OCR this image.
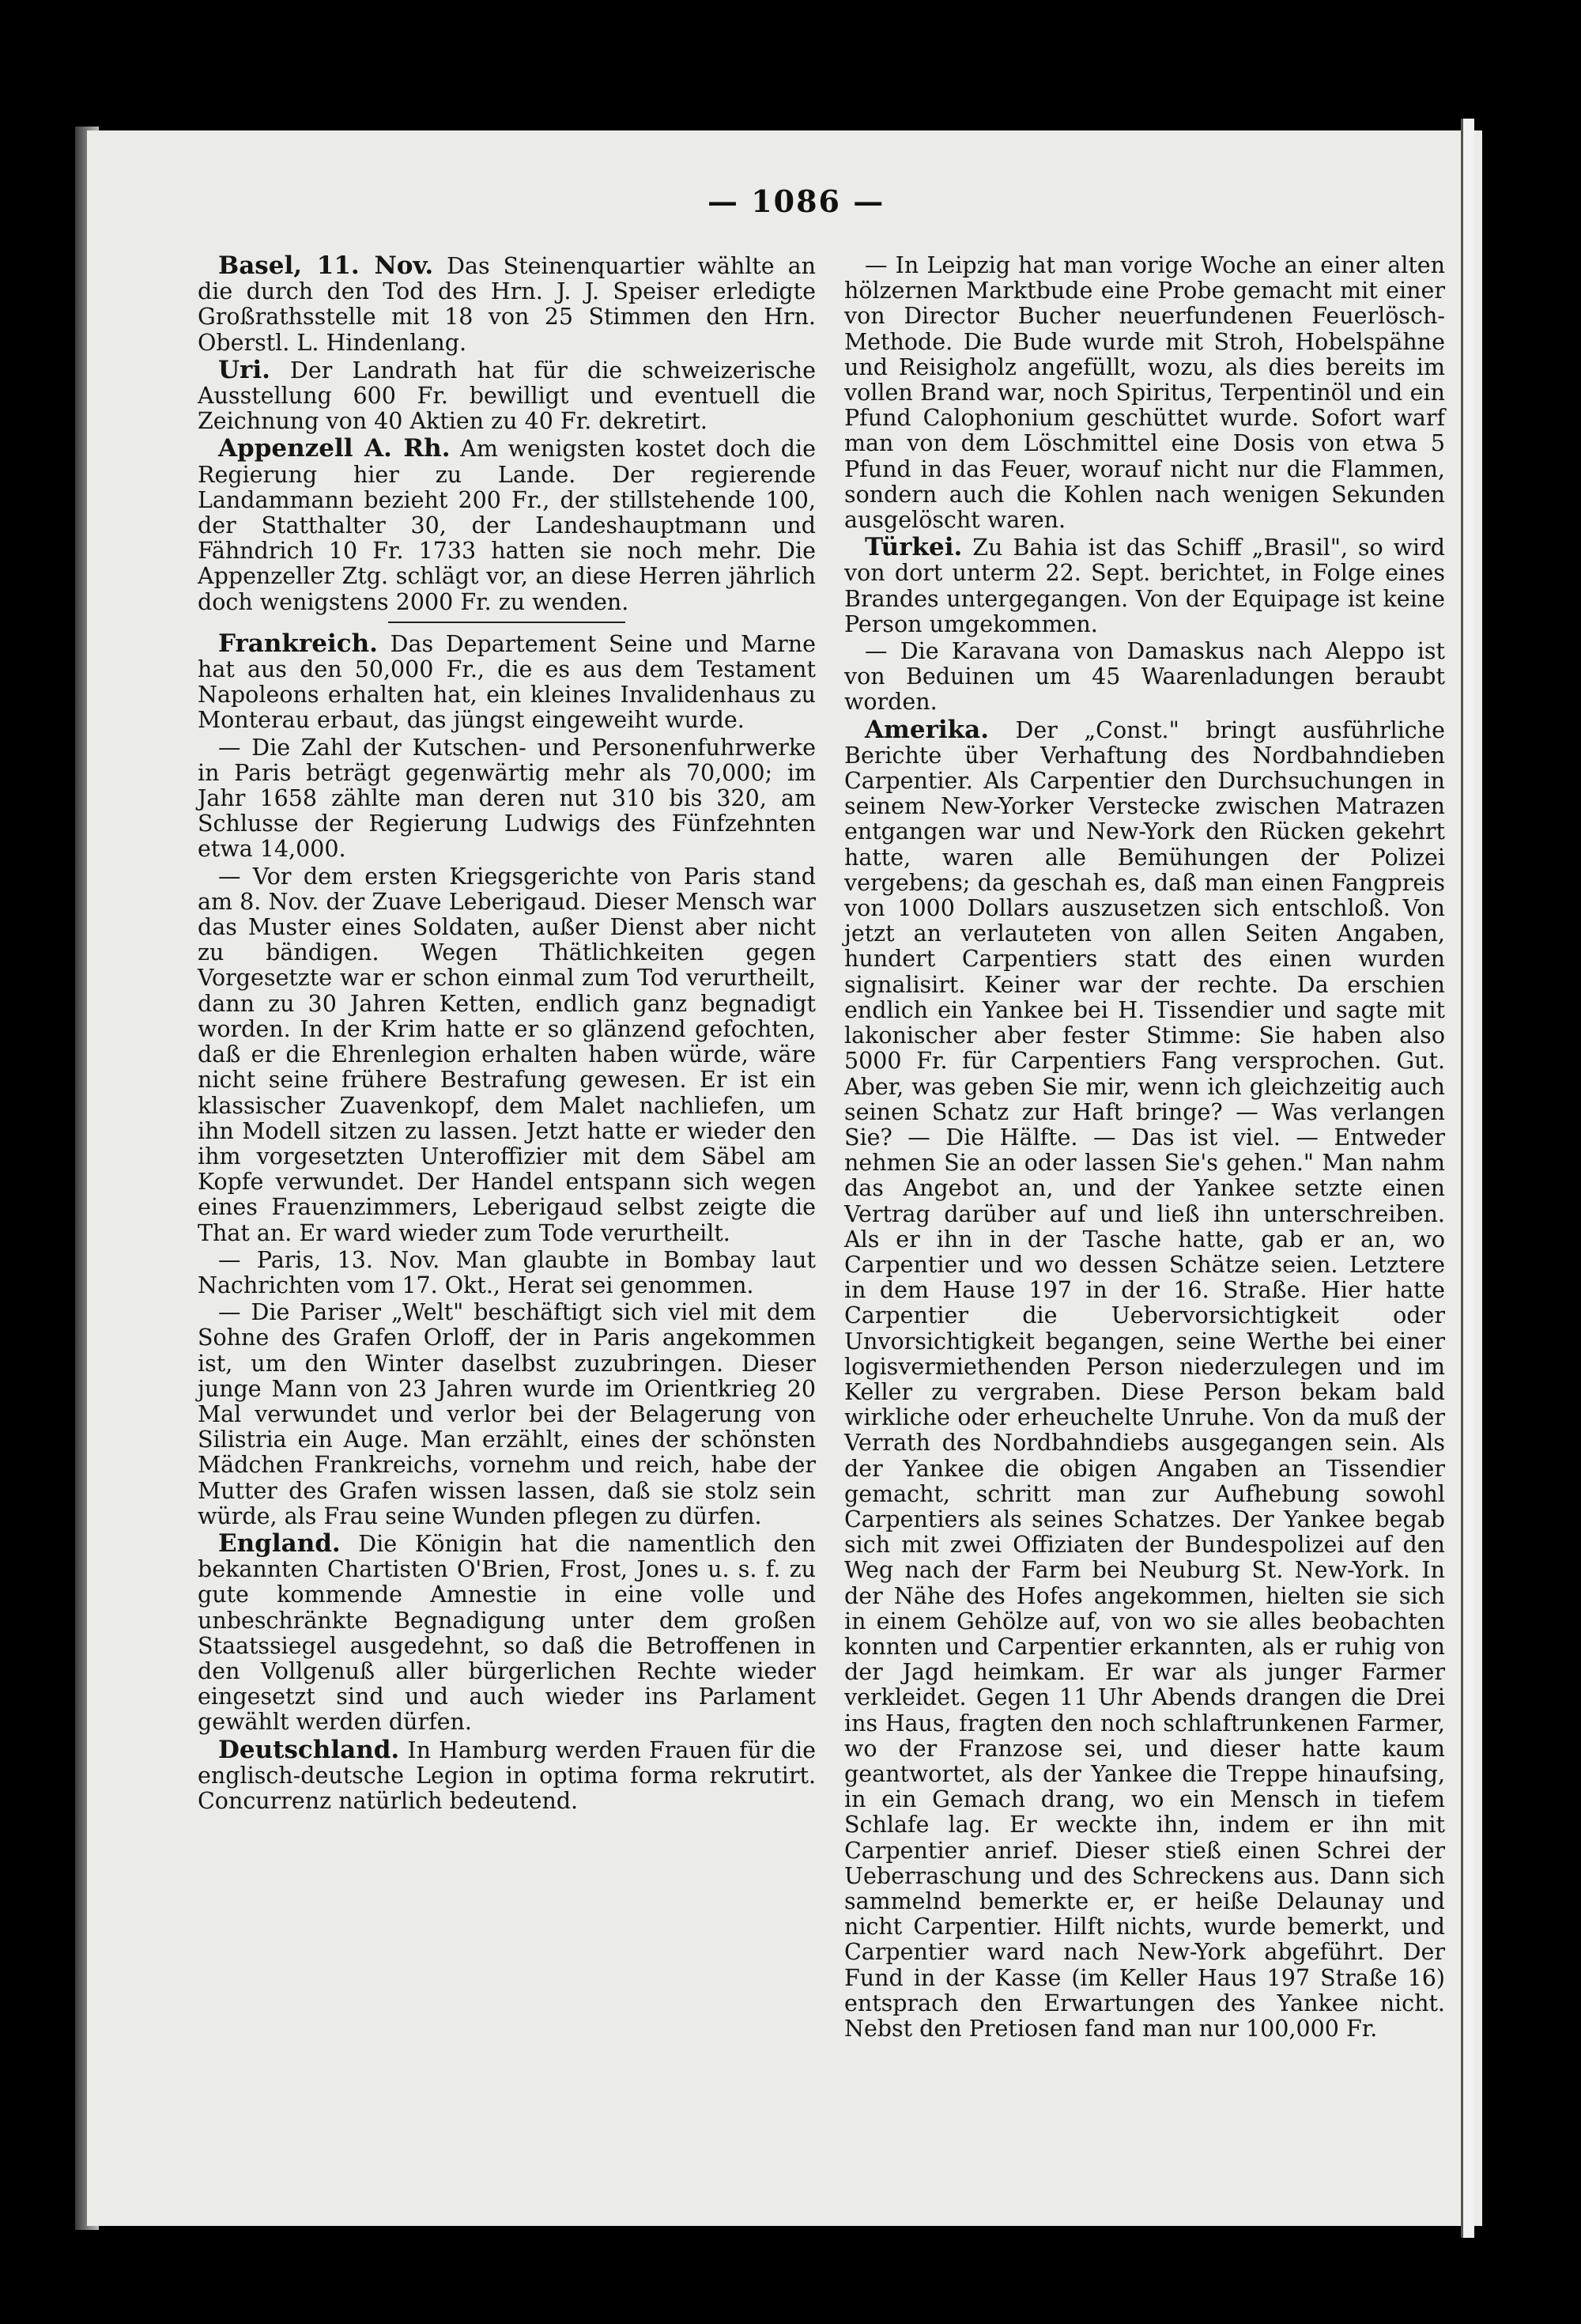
— 1086 —

Basel, 11. Nov. Das Steinenquartier wählte an die durch den Tod des Hrn. J. J. Speiser erledigte Großrathsstelle mit 18 von 25 Stimmen den Hrn. Oberstl. L. Hindenlang.

Uri. Der Landrath hat für die schweizerische Ausstellung 600 Fr. bewilligt und eventuell die Zeichnung von 40 Aktien zu 40 Fr. dekretirt.

Appenzell A. Rh. Am wenigsten kostet doch die Regierung hier zu Lande. Der regierende Landammann bezieht 200 Fr., der stillstehende 100, der Statthalter 30, der Landeshauptmann und Fähndrich 10 Fr. 1733 hatten sie noch mehr. Die Appenzeller Ztg. schlägt vor, an diese Herren jährlich doch wenigstens 2000 Fr. zu wenden.

Frankreich. Das Departement Seine und Marne hat aus den 50,000 Fr., die es aus dem Testament Napoleons erhalten hat, ein kleines Invalidenhaus zu Monterau erbaut, das jüngst eingeweiht wurde.

— Die Zahl der Kutschen- und Personenfuhrwerke in Paris beträgt gegenwärtig mehr als 70,000; im Jahr 1658 zählte man deren nut 310 bis 320, am Schlusse der Regierung Ludwigs des Fünfzehnten etwa 14,000.

— Vor dem ersten Kriegsgerichte von Paris stand am 8. Nov. der Zuave Leberigaud. Dieser Mensch war das Muster eines Soldaten, außer Dienst aber nicht zu bändigen. Wegen Thätlichkeiten gegen Vorgesetzte war er schon einmal zum Tod verurtheilt, dann zu 30 Jahren Ketten, endlich ganz begnadigt worden. In der Krim hatte er so glänzend gefochten, daß er die Ehrenlegion erhalten haben würde, wäre nicht seine frühere Bestrafung gewesen. Er ist ein klassischer Zuavenkopf, dem Malet nachliefen, um ihn Modell sitzen zu lassen. Jetzt hatte er wieder den ihm vorgesetzten Unteroffizier mit dem Säbel am Kopfe verwundet. Der Handel entspann sich wegen eines Frauenzimmers, Leberigaud selbst zeigte die That an. Er ward wieder zum Tode verurtheilt.

— Paris, 13. Nov. Man glaubte in Bombay laut Nachrichten vom 17. Okt., Herat sei genommen.

— Die Pariser „Welt" beschäftigt sich viel mit dem Sohne des Grafen Orloff, der in Paris angekommen ist, um den Winter daselbst zuzubringen. Dieser junge Mann von 23 Jahren wurde im Orientkrieg 20 Mal verwundet und verlor bei der Belagerung von Silistria ein Auge. Man erzählt, eines der schönsten Mädchen Frankreichs, vornehm und reich, habe der Mutter des Grafen wissen lassen, daß sie stolz sein würde, als Frau seine Wunden pflegen zu dürfen.

England. Die Königin hat die namentlich den bekannten Chartisten O'Brien, Frost, Jones u. s. f. zu gute kommende Amnestie in eine volle und unbeschränkte Begnadigung unter dem großen Staatssiegel ausgedehnt, so daß die Betroffenen in den Vollgenuß aller bürgerlichen Rechte wieder eingesetzt sind und auch wieder ins Parlament gewählt werden dürfen.

Deutschland. In Hamburg werden Frauen für die englisch-deutsche Legion in optima forma rekrutirt. Concurrenz natürlich bedeutend.

— In Leipzig hat man vorige Woche an einer alten hölzernen Marktbude eine Probe gemacht mit einer von Director Bucher neuerfundenen Feuerlösch-Methode. Die Bude wurde mit Stroh, Hobelspähne und Reisigholz angefüllt, wozu, als dies bereits im vollen Brand war, noch Spiritus, Terpentinöl und ein Pfund Calophonium geschüttet wurde. Sofort warf man von dem Löschmittel eine Dosis von etwa 5 Pfund in das Feuer, worauf nicht nur die Flammen, sondern auch die Kohlen nach wenigen Sekunden ausgelöscht waren.

Türkei. Zu Bahia ist das Schiff „Brasil", so wird von dort unterm 22. Sept. berichtet, in Folge eines Brandes untergegangen. Von der Equipage ist keine Person umgekommen.

— Die Karavana von Damaskus nach Aleppo ist von Beduinen um 45 Waarenladungen beraubt worden.

Amerika. Der „Const." bringt ausführliche Berichte über Verhaftung des Nordbahndieben Carpentier. Als Carpentier den Durchsuchungen in seinem New-Yorker Verstecke zwischen Matrazen entgangen war und New-York den Rücken gekehrt hatte, waren alle Bemühungen der Polizei vergebens; da geschah es, daß man einen Fangpreis von 1000 Dollars auszusetzen sich entschloß. Von jetzt an verlauteten von allen Seiten Angaben, hundert Carpentiers statt des einen wurden signalisirt. Keiner war der rechte. Da erschien endlich ein Yankee bei H. Tissendier und sagte mit lakonischer aber fester Stimme: Sie haben also 5000 Fr. für Carpentiers Fang versprochen. Gut. Aber, was geben Sie mir, wenn ich gleichzeitig auch seinen Schatz zur Haft bringe? — Was verlangen Sie? — Die Hälfte. — Das ist viel. — Entweder nehmen Sie an oder lassen Sie's gehen." Man nahm das Angebot an, und der Yankee setzte einen Vertrag darüber auf und ließ ihn unterschreiben. Als er ihn in der Tasche hatte, gab er an, wo Carpentier und wo dessen Schätze seien. Letztere in dem Hause 197 in der 16. Straße. Hier hatte Carpentier die Uebervorsichtigkeit oder Unvorsichtigkeit begangen, seine Werthe bei einer logisvermiethenden Person niederzulegen und im Keller zu vergraben. Diese Person bekam bald wirkliche oder erheuchelte Unruhe. Von da muß der Verrath des Nordbahndiebs ausgegangen sein. Als der Yankee die obigen Angaben an Tissendier gemacht, schritt man zur Aufhebung sowohl Carpentiers als seines Schatzes. Der Yankee begab sich mit zwei Offiziaten der Bundespolizei auf den Weg nach der Farm bei Neuburg St. New-York. In der Nähe des Hofes angekommen, hielten sie sich in einem Gehölze auf, von wo sie alles beobachten konnten und Carpentier erkannten, als er ruhig von der Jagd heimkam. Er war als junger Farmer verkleidet. Gegen 11 Uhr Abends drangen die Drei ins Haus, fragten den noch schlaftrunkenen Farmer, wo der Franzose sei, und dieser hatte kaum geantwortet, als der Yankee die Treppe hinaufsing, in ein Gemach drang, wo ein Mensch in tiefem Schlafe lag. Er weckte ihn, indem er ihn mit Carpentier anrief. Dieser stieß einen Schrei der Ueberraschung und des Schreckens aus. Dann sich sammelnd bemerkte er, er heiße Delaunay und nicht Carpentier. Hilft nichts, wurde bemerkt, und Carpentier ward nach New-York abgeführt. Der Fund in der Kasse (im Keller Haus 197 Straße 16) entsprach den Erwartungen des Yankee nicht. Nebst den Pretiosen fand man nur 100,000 Fr.
